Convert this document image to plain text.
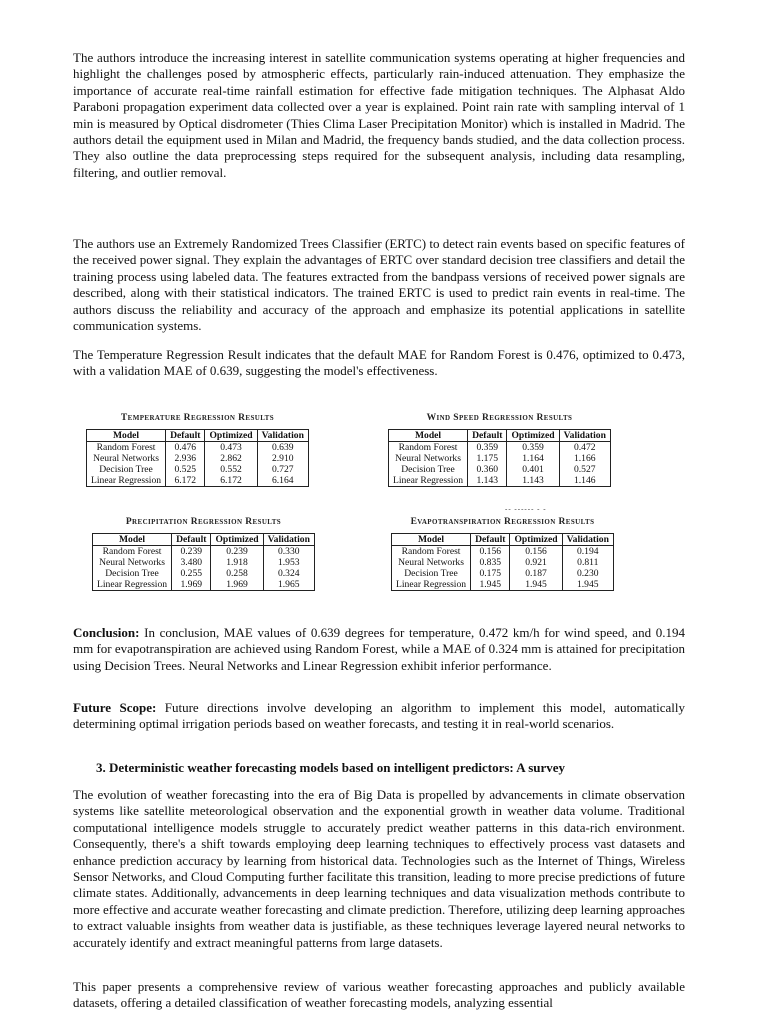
The authors introduce the increasing interest in satellite communication systems operating at higher frequencies and highlight the challenges posed by atmospheric effects, particularly rain-induced attenuation. They emphasize the importance of accurate real-time rainfall estimation for effective fade mitigation techniques. The Alphasat Aldo Paraboni propagation experiment data collected over a year is explained. Point rain rate with sampling interval of 1 min is measured by Optical disdrometer (Thies Clima Laser Precipitation Monitor) which is installed in Madrid. The authors detail the equipment used in Milan and Madrid, the frequency bands studied, and the data collection process. They also outline the data preprocessing steps required for the subsequent analysis, including data resampling, filtering, and outlier removal.

The authors use an Extremely Randomized Trees Classifier (ERTC) to detect rain events based on specific features of the received power signal. They explain the advantages of ERTC over standard decision tree classifiers and detail the training process using labeled data. The features extracted from the bandpass versions of received power signals are described, along with their statistical indicators. The trained ERTC is used to predict rain events in real-time. The authors discuss the reliability and accuracy of the approach and emphasize its potential applications in satellite communication systems.

The Temperature Regression Result indicates that the default MAE for Random Forest is 0.476, optimized to 0.473, with a validation MAE of 0.639, suggesting the model's effectiveness.

Temperature Regression Results
Model	Default	Optimized	Validation
Random Forest	0.476	0.473	0.639
Neural Networks	2.936	2.862	2.910
Decision Tree	0.525	0.552	0.727
Linear Regression	6.172	6.172	6.164
Wind Speed Regression Results
Model	Default	Optimized	Validation
Random Forest	0.359	0.359	0.472
Neural Networks	1.175	1.164	1.166
Decision Tree	0.360	0.401	0.527
Linear Regression	1.143	1.143	1.146
-- ------ - -
Precipitation Regression Results
Model	Default	Optimized	Validation
Random Forest	0.239	0.239	0.330
Neural Networks	3.480	1.918	1.953
Decision Tree	0.255	0.258	0.324
Linear Regression	1.969	1.969	1.965
Evapotranspiration Regression Results
Model	Default	Optimized	Validation
Random Forest	0.156	0.156	0.194
Neural Networks	0.835	0.921	0.811
Decision Tree	0.175	0.187	0.230
Linear Regression	1.945	1.945	1.945

Conclusion: In conclusion, MAE values of 0.639 degrees for temperature, 0.472 km/h for wind speed, and 0.194 mm for evapotranspiration are achieved using Random Forest, while a MAE of 0.324 mm is attained for precipitation using Decision Trees. Neural Networks and Linear Regression exhibit inferior performance.

Future Scope: Future directions involve developing an algorithm to implement this model, automatically determining optimal irrigation periods based on weather forecasts, and testing it in real-world scenarios.

3. Deterministic weather forecasting models based on intelligent predictors: A survey

The evolution of weather forecasting into the era of Big Data is propelled by advancements in climate observation systems like satellite meteorological observation and the exponential growth in weather data volume. Traditional computational intelligence models struggle to accurately predict weather patterns in this data-rich environment. Consequently, there's a shift towards employing deep learning techniques to effectively process vast datasets and enhance prediction accuracy by learning from historical data. Technologies such as the Internet of Things, Wireless Sensor Networks, and Cloud Computing further facilitate this transition, leading to more precise predictions of future climate states. Additionally, advancements in deep learning techniques and data visualization methods contribute to more effective and accurate weather forecasting and climate prediction. Therefore, utilizing deep learning approaches to extract valuable insights from weather data is justifiable, as these techniques leverage layered neural networks to accurately identify and extract meaningful patterns from large datasets.

This paper presents a comprehensive review of various weather forecasting approaches and publicly available datasets, offering a detailed classification of weather forecasting models, analyzing essential
